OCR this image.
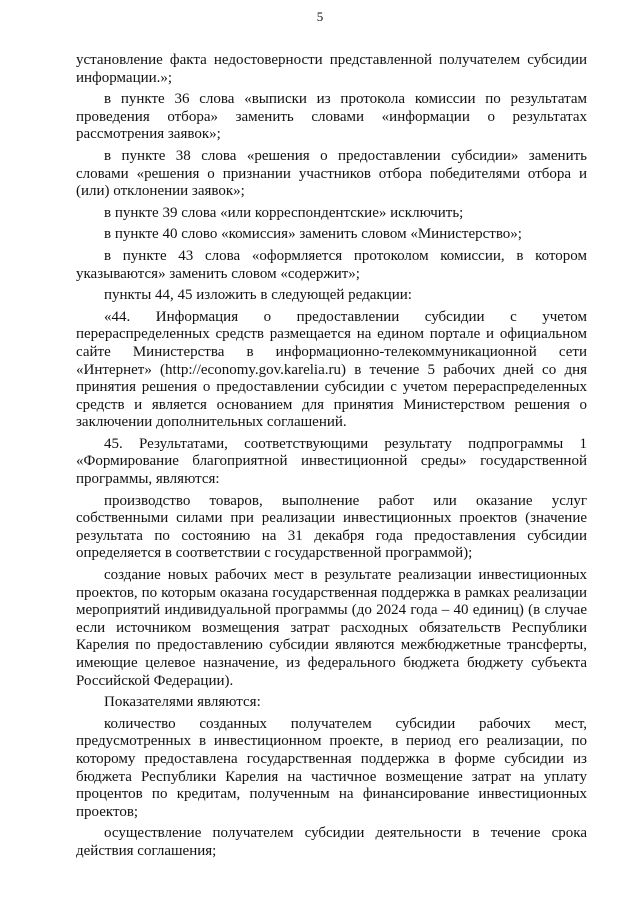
5

установление факта недостоверности представленной получателем субсидии информации.»;

в пункте 36 слова «выписки из протокола комиссии по результатам проведения отбора» заменить словами «информации о результатах рассмотрения заявок»;

в пункте 38 слова «решения о предоставлении субсидии» заменить словами «решения о признании участников отбора победителями отбора и (или) отклонении заявок»;

в пункте 39 слова «или корреспондентские» исключить;

в пункте 40 слово «комиссия» заменить словом «Министерство»;

в пункте 43 слова «оформляется протоколом комиссии, в котором указываются» заменить словом «содержит»;

пункты 44, 45 изложить в следующей редакции:

«44. Информация о предоставлении субсидии с учетом перераспределенных средств размещается на едином портале и официальном сайте Министерства в информационно-телекоммуникационной сети «Интернет» (http://economy.gov.karelia.ru) в течение 5 рабочих дней со дня принятия решения о предоставлении субсидии с учетом перераспределенных средств и является основанием для принятия Министерством решения о заключении дополнительных соглашений.

45. Результатами, соответствующими результату подпрограммы 1 «Формирование благоприятной инвестиционной среды» государственной программы, являются:

производство товаров, выполнение работ или оказание услуг собственными силами при реализации инвестиционных проектов (значение результата по состоянию на 31 декабря года предоставления субсидии определяется в соответствии с государственной программой);

создание новых рабочих мест в результате реализации инвестиционных проектов, по которым оказана государственная поддержка в рамках реализации мероприятий индивидуальной программы (до 2024 года – 40 единиц) (в случае если источником возмещения затрат расходных обязательств Республики Карелия по предоставлению субсидии являются межбюджетные трансферты, имеющие целевое назначение, из федерального бюджета бюджету субъекта Российской Федерации).

Показателями являются:

количество созданных получателем субсидии рабочих мест, предусмотренных в инвестиционном проекте, в период его реализации, по которому предоставлена государственная поддержка в форме субсидии из бюджета Республики Карелия на частичное возмещение затрат на уплату процентов по кредитам, полученным на финансирование инвестиционных проектов;

осуществление получателем субсидии деятельности в течение срока действия соглашения;
